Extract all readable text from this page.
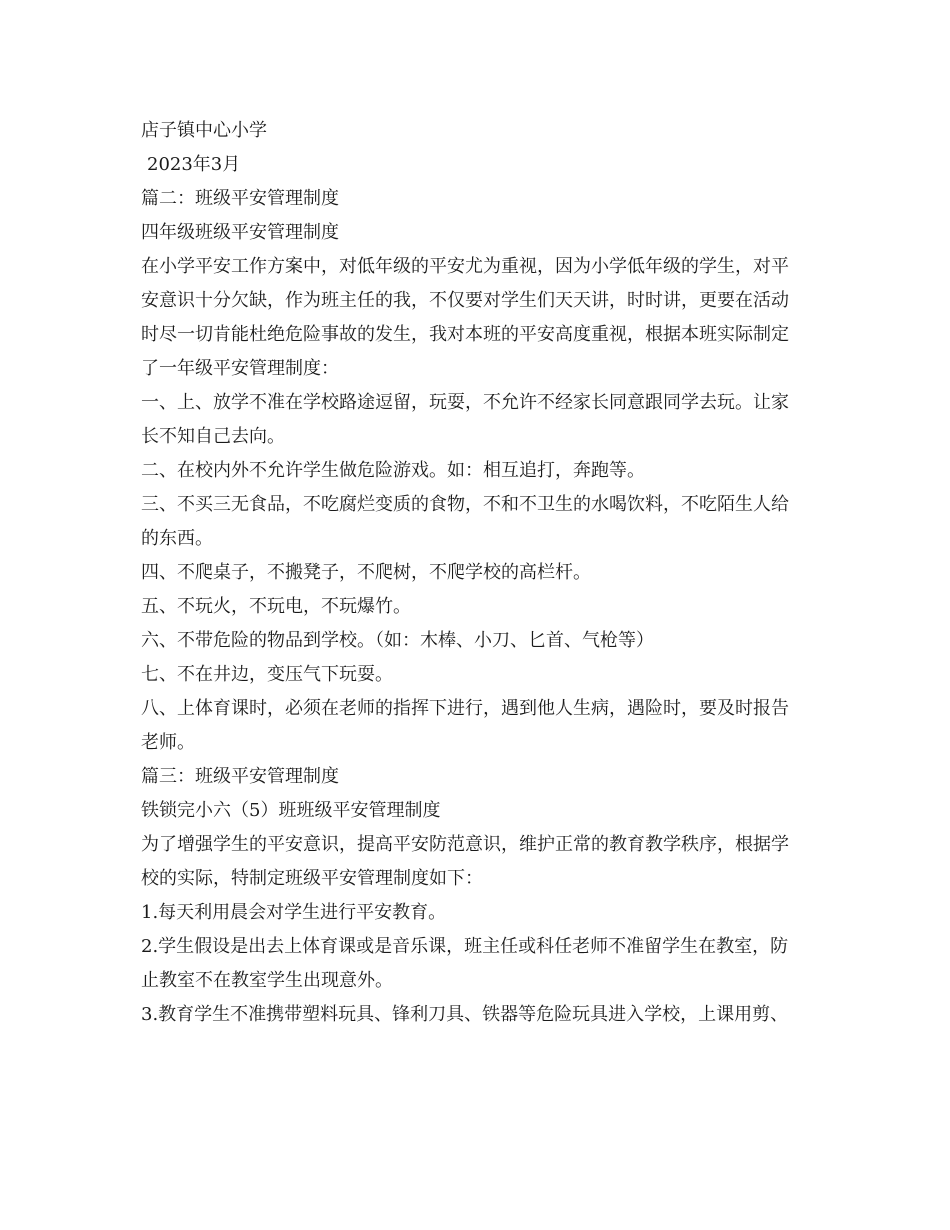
店子镇中心小学
2023年3月
篇二：班级平安管理制度
四年级班级平安管理制度
在小学平安工作方案中，对低年级的平安尤为重视，因为小学低年级的学生，对平
安意识十分欠缺，作为班主任的我，不仅要对学生们天天讲，时时讲，更要在活动
时尽一切肯能杜绝危险事故的发生，我对本班的平安高度重视，根据本班实际制定
了一年级平安管理制度：
一、上、放学不准在学校路途逗留，玩耍，不允许不经家长同意跟同学去玩。让家
长不知自己去向。
二、在校内外不允许学生做危险游戏。如：相互追打，奔跑等。
三、不买三无食品，不吃腐烂变质的食物，不和不卫生的水喝饮料，不吃陌生人给
的东西。
四、不爬桌子，不搬凳子，不爬树，不爬学校的高栏杆。
五、不玩火，不玩电，不玩爆竹。
六、不带危险的物品到学校。（如：木棒、小刀、匕首、气枪等）
七、不在井边，变压气下玩耍。
八、上体育课时，必须在老师的指挥下进行，遇到他人生病，遇险时，要及时报告
老师。
篇三：班级平安管理制度
铁锁完小六（5）班班级平安管理制度
为了增强学生的平安意识，提高平安防范意识，维护正常的教育教学秩序，根据学
校的实际，特制定班级平安管理制度如下：
1.每天利用晨会对学生进行平安教育。
2.学生假设是出去上体育课或是音乐课，班主任或科任老师不准留学生在教室，防
止教室不在教室学生出现意外。
3.教育学生不准携带塑料玩具、锋利刀具、铁器等危险玩具进入学校，上课用剪、
